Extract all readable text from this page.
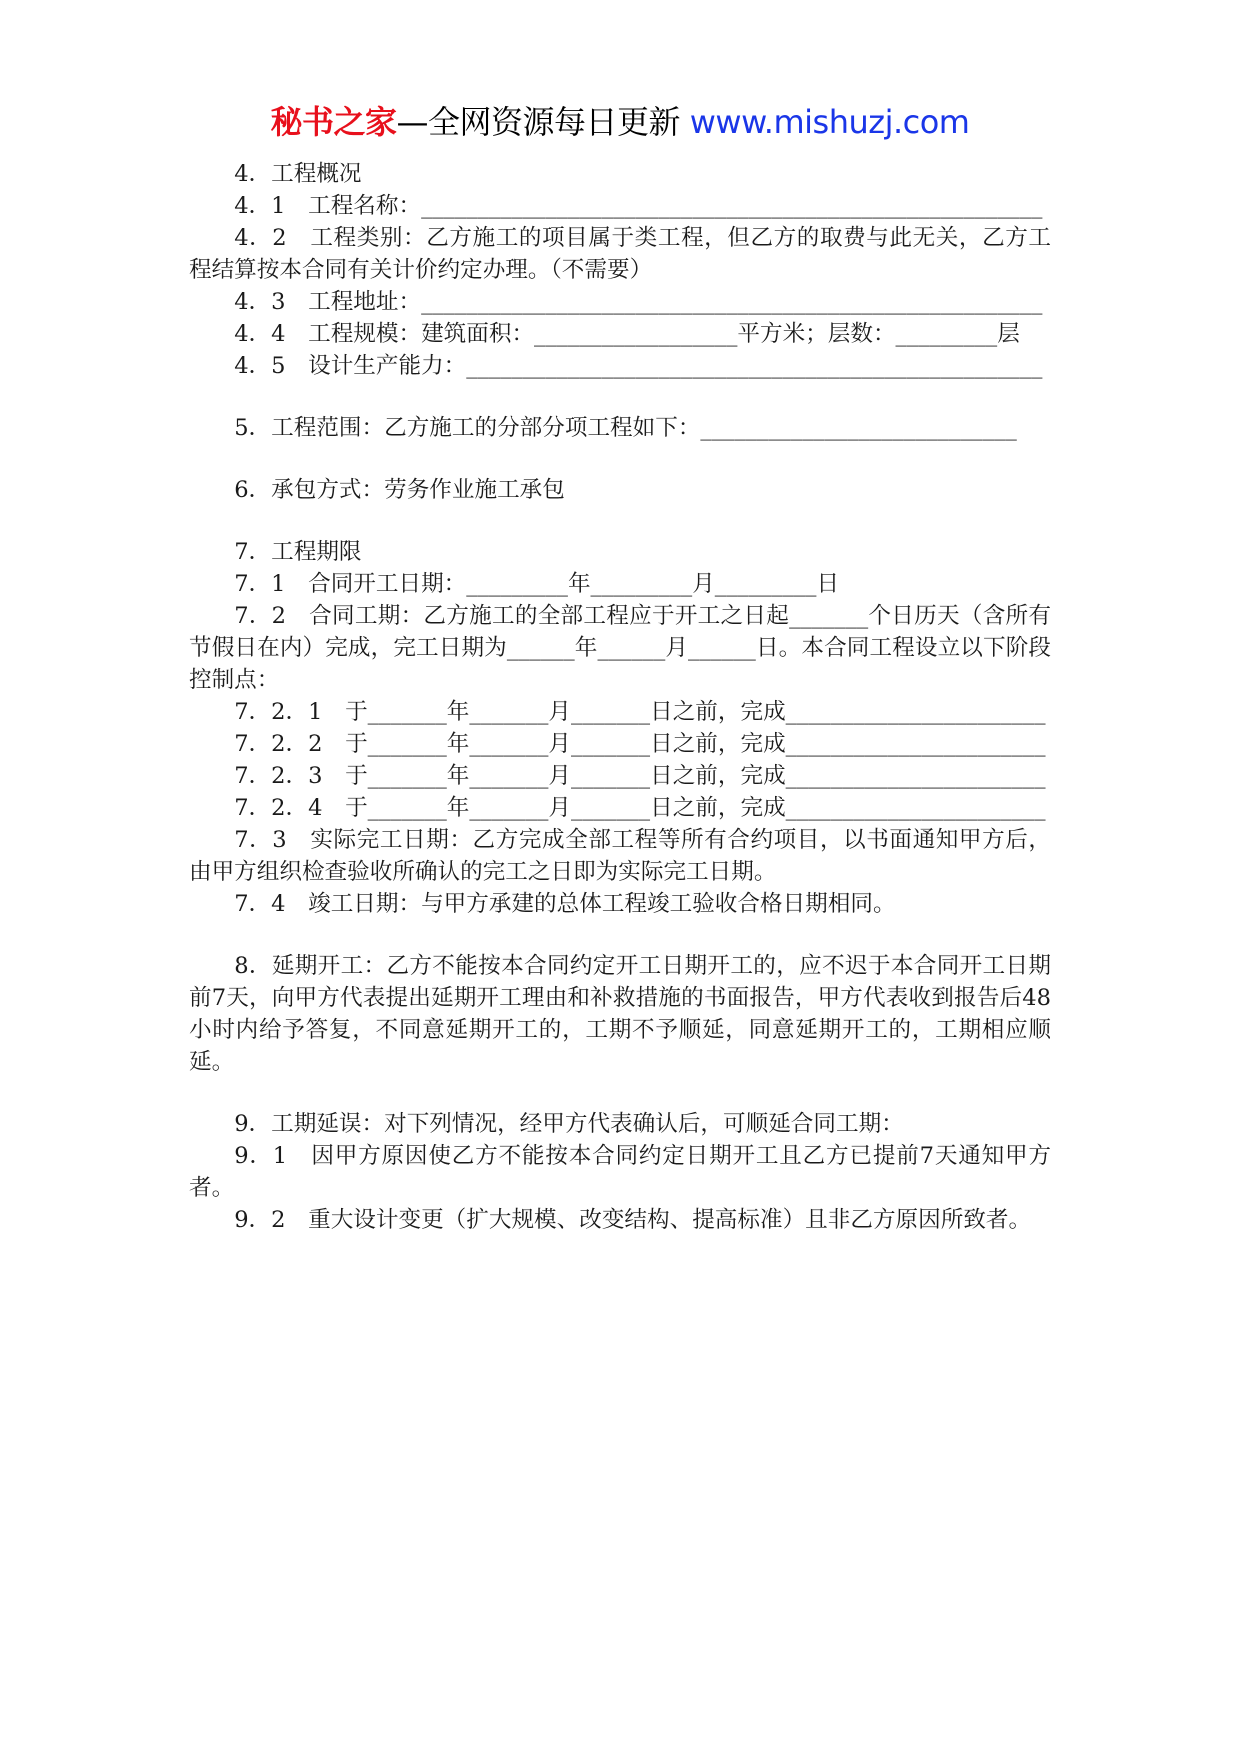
秘书之家—全网资源每日更新 www.mishuzj.com

4．工程概况

4．1　工程名称：_______________________________________________________

4．2　工程类别：乙方施工的项目属于类工程，但乙方的取费与此无关，乙方工程结算按本合同有关计价约定办理。（不需要）

4．3　工程地址：_______________________________________________________

4．4　工程规模：建筑面积：__________________平方米；层数：_________层

4．5　设计生产能力：___________________________________________________

5．工程范围：乙方施工的分部分项工程如下：____________________________

6．承包方式：劳务作业施工承包

7．工程期限

7．1　合同开工日期：_________年_________月_________日

7．2　合同工期：乙方施工的全部工程应于开工之日起_______个日历天（含所有节假日在内）完成，完工日期为______年______月______日。本合同工程设立以下阶段控制点：

7．2．1　于_______年_______月_______日之前，完成_______________________

7．2．2　于_______年_______月_______日之前，完成_______________________

7．2．3　于_______年_______月_______日之前，完成_______________________

7．2．4　于_______年_______月_______日之前，完成_______________________

7．3　实际完工日期：乙方完成全部工程等所有合约项目，以书面通知甲方后，由甲方组织检查验收所确认的完工之日即为实际完工日期。

7．4　竣工日期：与甲方承建的总体工程竣工验收合格日期相同。

8．延期开工：乙方不能按本合同约定开工日期开工的，应不迟于本合同开工日期前7天，向甲方代表提出延期开工理由和补救措施的书面报告，甲方代表收到报告后48小时内给予答复，不同意延期开工的，工期不予顺延，同意延期开工的，工期相应顺延。

9．工期延误：对下列情况，经甲方代表确认后，可顺延合同工期：

9．1　因甲方原因使乙方不能按本合同约定日期开工且乙方已提前7天通知甲方者。

9．2　重大设计变更（扩大规模、改变结构、提高标准）且非乙方原因所致者。
